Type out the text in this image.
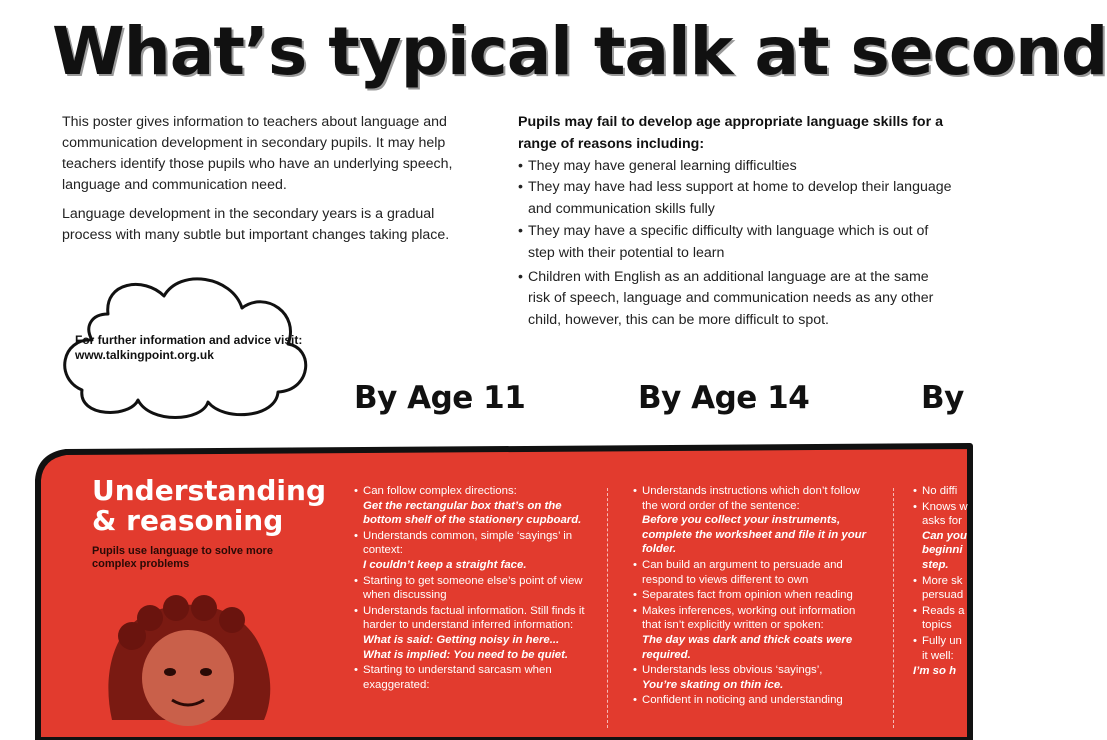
What’s typical talk at second

This poster gives information to teachers about language and communication development in secondary pupils. It may help teachers identify those pupils who have an underlying speech, language and communication need.

Language development in the secondary years is a gradual process with many subtle but important changes taking place.

Pupils may fail to develop age appropriate language skills for a range of reasons including:
• They may have general learning difficulties
• They may have had less support at home to develop their language and communication skills fully
• They may have a specific difficulty with language which is out of step with their potential to learn
• Children with English as an additional language are at the same risk of speech, language and communication needs as any other child, however, this can be more difficult to spot.
For further information and advice visit: www.talkingpoint.org.uk
By Age 11	By Age 14	By
Understanding
& reasoning
Pupils use language to solve more complex problems
• Can follow complex directions:
Get the rectangular box that’s on the bottom shelf of the stationery cupboard.
• Understands common, simple ‘sayings’ in context:
I couldn’t keep a straight face.
• Starting to get someone else’s point of view when discussing
• Understands factual information. Still finds it harder to understand inferred information:
What is said: Getting noisy in here...
What is implied: You need to be quiet.
• Starting to understand sarcasm when exaggerated:
• Understands instructions which don’t follow the word order of the sentence:
Before you collect your instruments, complete the worksheet and file it in your folder.
• Can build an argument to persuade and respond to views different to own
• Separates fact from opinion when reading
• Makes inferences, working out information that isn’t explicitly written or spoken:
The day was dark and thick coats were required.
• Understands less obvious ‘sayings’,
You’re skating on thin ice.
• Confident in noticing and understanding
• No diffi
• Knows w
asks for
Can you
beginni
step.
• More sk
persuad
• Reads a
topics
• Fully un
it well:
I’m so h
